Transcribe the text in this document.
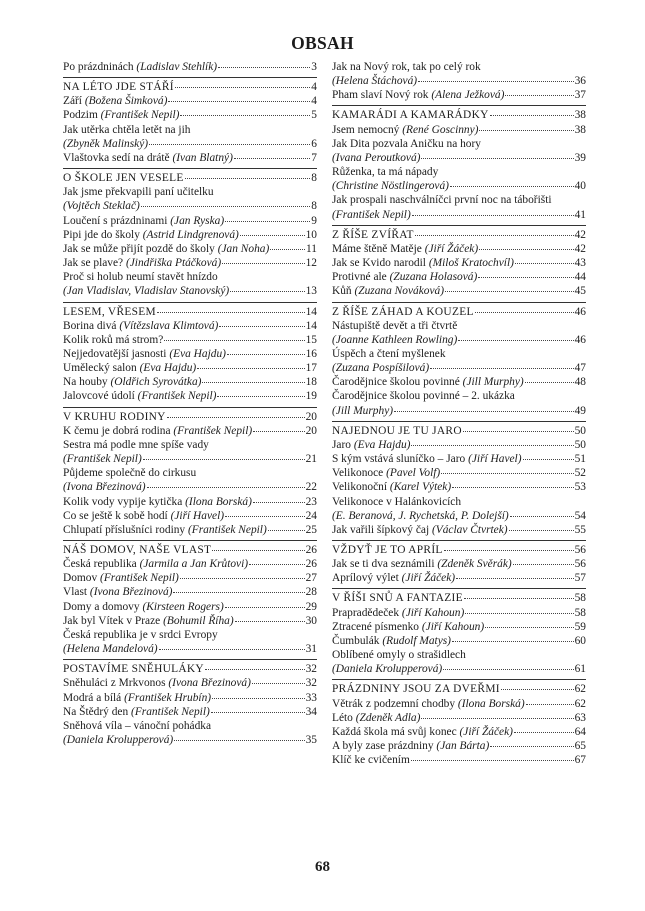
OBSAH
Po prázdninách (Ladislav Stehlík)	3
NA LÉTO JDE STÁŘÍ	4
Září (Božena Šimková)	4
Podzim (František Nepil)	5
Jak utěrka chtěla letět na jih
(Zbyněk Malinský)	6
Vlaštovka sedí na drátě (Ivan Blatný)	7
O ŠKOLE JEN VESELE	8
Jak jsme překvapili paní učitelku
(Vojtěch Steklač)	8
Loučení s prázdninami (Jan Ryska)	9
Pipi jde do školy (Astrid Lindgrenová)	10
Jak se může přijít pozdě do školy (Jan Noha)	11
Jak se plave? (Jindřiška Ptáčková)	12
Proč si holub neumí stavět hnízdo
(Jan Vladislav, Vladislav Stanovský)	13
LESEM, VŘESEM	14
Borina divá (Vítězslava Klimtová)	14
Kolik roků má strom?	15
Nejjedovatější jasnosti (Eva Hajdu)	16
Umělecký salon (Eva Hajdu)	17
Na houby (Oldřich Syrovátka)	18
Jalovcové údolí (František Nepil)	19
V KRUHU RODINY	20
K čemu je dobrá rodina (František Nepil)	20
Sestra má podle mne spíše vady
(František Nepil)	21
Půjdeme společně do cirkusu
(Ivona Březinová)	22
Kolik vody vypije kytička (Ilona Borská)	23
Co se ještě k sobě hodí (Jiří Havel)	24
Chlupatí příslušníci rodiny (František Nepil)	25
NÁŠ DOMOV, NAŠE VLAST	26
Česká republika (Jarmila a Jan Krůtovi)	26
Domov (František Nepil)	27
Vlast (Ivona Březinová)	28
Domy a domovy (Kirsteen Rogers)	29
Jak byl Vítek v Praze (Bohumil Říha)	30
Česká republika je v srdci Evropy
(Helena Mandelová)	31
POSTAVÍME SNĚHULÁKY	32
Sněhuláci z Mrkvonos (Ivona Březinová)	32
Modrá a bílá (František Hrubín)	33
Na Štědrý den (František Nepil)	34
Sněhová víla – vánoční pohádka
(Daniela Krolupperová)	35
Jak na Nový rok, tak po celý rok
(Helena Štáchová)	36
Pham slaví Nový rok (Alena Ježková)	37
KAMARÁDI A KAMARÁDKY	38
Jsem nemocný (René Goscinny)	38
Jak Dita pozvala Aničku na hory
(Ivana Peroutková)	39
Růženka, ta má nápady
(Christine Nöstlingerová)	40
Jak prospali naschválníčci první noc na tábořišti
(František Nepil)	41
Z ŘÍŠE ZVÍŘAT	42
Máme štěně Matěje (Jiří Žáček)	42
Jak se Kvido narodil (Miloš Kratochvíl)	43
Protivné ale (Zuzana Holasová)	44
Kůň (Zuzana Nováková)	45
Z ŘÍŠE ZÁHAD A KOUZEL	46
Nástupiště devět a tři čtvrtě
(Joanne Kathleen Rowling)	46
Úspěch a čtení myšlenek
(Zuzana Pospíšilová)	47
Čarodějnice školou povinné (Jill Murphy)	48
Čarodějnice školou povinné – 2. ukázka
(Jill Murphy)	49
NAJEDNOU JE TU JARO	50
Jaro (Eva Hajdu)	50
S kým vstává sluníčko – Jaro (Jiří Havel)	51
Velikonoce (Pavel Volf)	52
Velikonoční (Karel Výtek)	53
Velikonoce v Halánkovicích
(E. Beranová, J. Rychetská, P. Dolejší)	54
Jak vařili šípkový čaj (Václav Čtvrtek)	55
VŽDYŤ JE TO APRÍL	56
Jak se ti dva seznámili (Zdeněk Svěrák)	56
Aprílový výlet (Jiří Žáček)	57
V ŘÍŠI SNŮ A FANTAZIE	58
Prapradědeček (Jiří Kahoun)	58
Ztracené písmenko (Jiří Kahoun)	59
Čumbulák (Rudolf Matys)	60
Oblíbené omyly o strašidlech
(Daniela Krolupperová)	61
PRÁZDNINY JSOU ZA DVEŘMI	62
Větrák z podzemní chodby (Ilona Borská)	62
Léto (Zdeněk Adla)	63
Každá škola má svůj konec (Jiří Žáček)	64
A byly zase prázdniny (Jan Bárta)	65
Klíč ke cvičením	67
68
